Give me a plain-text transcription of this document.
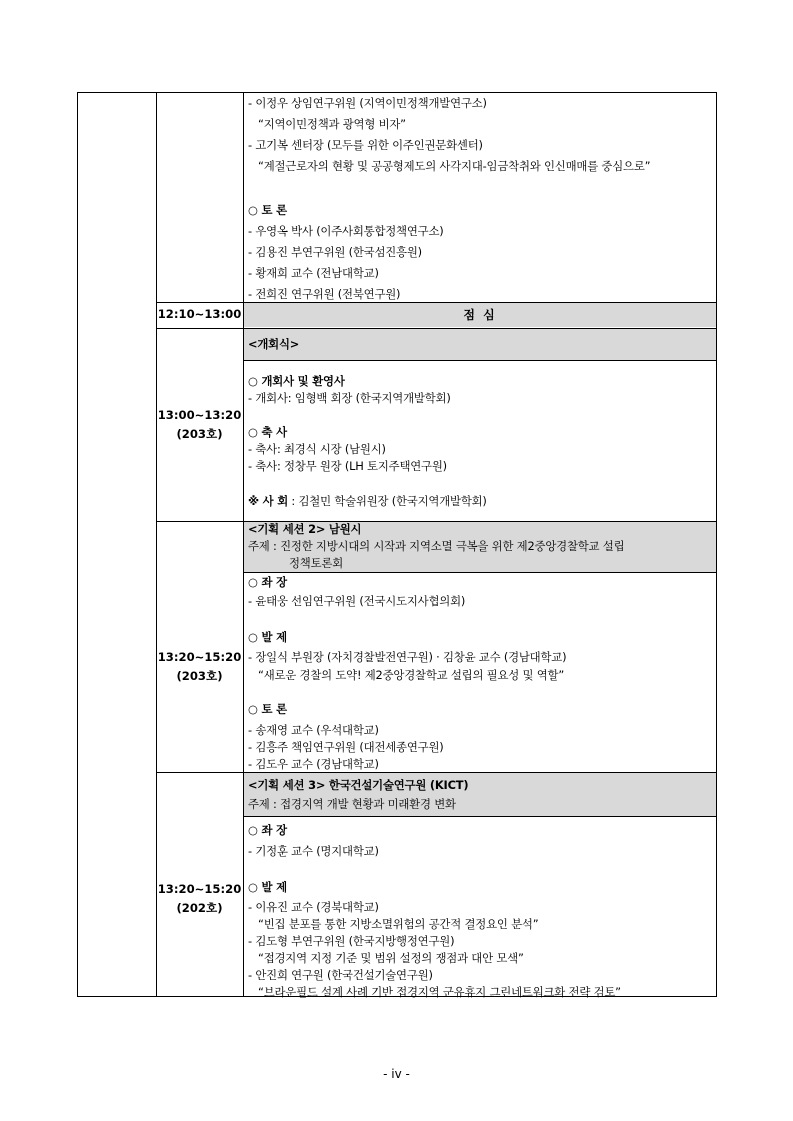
- 이정우 상임연구위원 (지역이민정책개발연구소)
“지역이민정책과 광역형 비자”
- 고기복 센터장 (모두를 위한 이주인권문화센터)
“계절근로자의 현황 및 공공형제도의 사각지대-임금착취와 인신매매를 중심으로”
○ 토 론
- 우영옥 박사 (이주사회통합정책연구소)
- 김용진 부연구위원 (한국섬진흥원)
- 황재희 교수 (전남대학교)
- 전희진 연구위원 (전북연구원)
12:10~13:00	점 심
13:00~13:20
(203호)
<개회식>
○ 개회사 및 환영사
- 개회사: 임형백 회장 (한국지역개발학회)
○ 축 사
- 축사: 최경식 시장 (남원시)
- 축사: 정창무 원장 (LH 토지주택연구원)
※ 사 회 : 김철민 학술위원장 (한국지역개발학회)
13:20~15:20
(203호)
<기획 세션 2> 남원시
주제 : 진정한 지방시대의 시작과 지역소멸 극복을 위한 제2중앙경찰학교 설립
정책토론회
○ 좌 장
- 윤태웅 선임연구위원 (전국시도지사협의회)
○ 발 제
- 장일식 부원장 (자치경찰발전연구원) · 김창윤 교수 (경남대학교)
“새로운 경찰의 도약! 제2중앙경찰학교 설립의 필요성 및 역할”
○ 토 론
- 송재영 교수 (우석대학교)
- 김흥주 책임연구위원 (대전세종연구원)
- 김도우 교수 (경남대학교)
13:20~15:20
(202호)
<기획 세션 3> 한국건설기술연구원 (KICT)
주제 : 접경지역 개발 현황과 미래환경 변화
○ 좌 장
- 기정훈 교수 (명지대학교)
○ 발 제
- 이유진 교수 (경북대학교)
“빈집 분포를 통한 지방소멸위험의 공간적 결정요인 분석”
- 김도형 부연구위원 (한국지방행정연구원)
“접경지역 지정 기준 및 범위 설정의 쟁점과 대안 모색”
- 안진희 연구원 (한국건설기술연구원)
“브라운필드 설계 사례 기반 접경지역 군유휴지 그린네트워크화 전략 검토”
- iv -
